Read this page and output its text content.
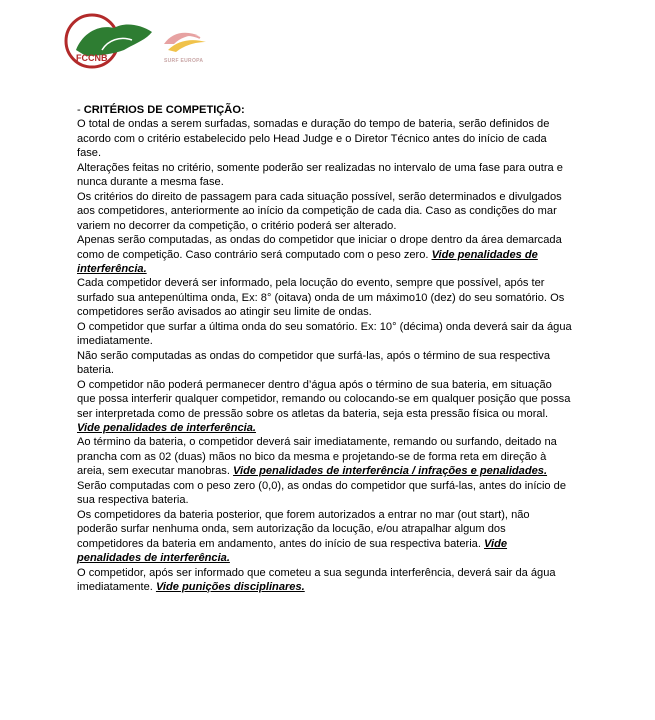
FCCNB	SURF EUROPA

- CRITÉRIOS DE COMPETIÇÃO:

O total de ondas a serem surfadas, somadas e duração do tempo de bateria, serão definidos de acordo com o critério estabelecido pelo Head Judge e o Diretor Técnico antes do início de cada fase.

Alterações feitas no critério, somente poderão ser realizadas no intervalo de uma fase para outra e nunca durante a mesma fase.

Os critérios do direito de passagem para cada situação possível, serão determinados e divulgados aos competidores, anteriormente ao início da competição de cada dia. Caso as condições do mar variem no decorrer da competição, o critério poderá ser alterado.

Apenas serão computadas, as ondas do competidor que iniciar o drope dentro da área demarcada como de competição. Caso contrário será computado com o peso zero. Vide penalidades de interferência.

Cada competidor deverá ser informado, pela locução do evento, sempre que possível, após ter surfado sua antepenúltima onda, Ex: 8° (oitava) onda de um máximo10 (dez) do seu somatório. Os competidores serão avisados ao atingir seu limite de ondas.

O competidor que surfar a última onda do seu somatório. Ex: 10° (décima) onda deverá sair da água imediatamente.

Não serão computadas as ondas do competidor que surfá-las, após o término de sua respectiva bateria.

O competidor não poderá permanecer dentro d’água após o término de sua bateria, em situação que possa interferir qualquer competidor, remando ou colocando-se em qualquer posição que possa ser interpretada como de pressão sobre os atletas da bateria, seja esta pressão física ou moral. Vide penalidades de interferência.

Ao término da bateria, o competidor deverá sair imediatamente, remando ou surfando, deitado na prancha com as 02 (duas) mãos no bico da mesma e projetando-se de forma reta em direção à areia, sem executar manobras. Vide penalidades de interferência / infrações e penalidades.

Serão computadas com o peso zero (0,0), as ondas do competidor que surfá-las, antes do início de sua respectiva bateria.

Os competidores da bateria posterior, que forem autorizados a entrar no mar (out start), não poderão surfar nenhuma onda, sem autorização da locução, e/ou atrapalhar algum dos competidores da bateria em andamento, antes do início de sua respectiva bateria. Vide penalidades de interferência.

O competidor, após ser informado que cometeu a sua segunda interferência, deverá sair da água imediatamente. Vide punições disciplinares.
